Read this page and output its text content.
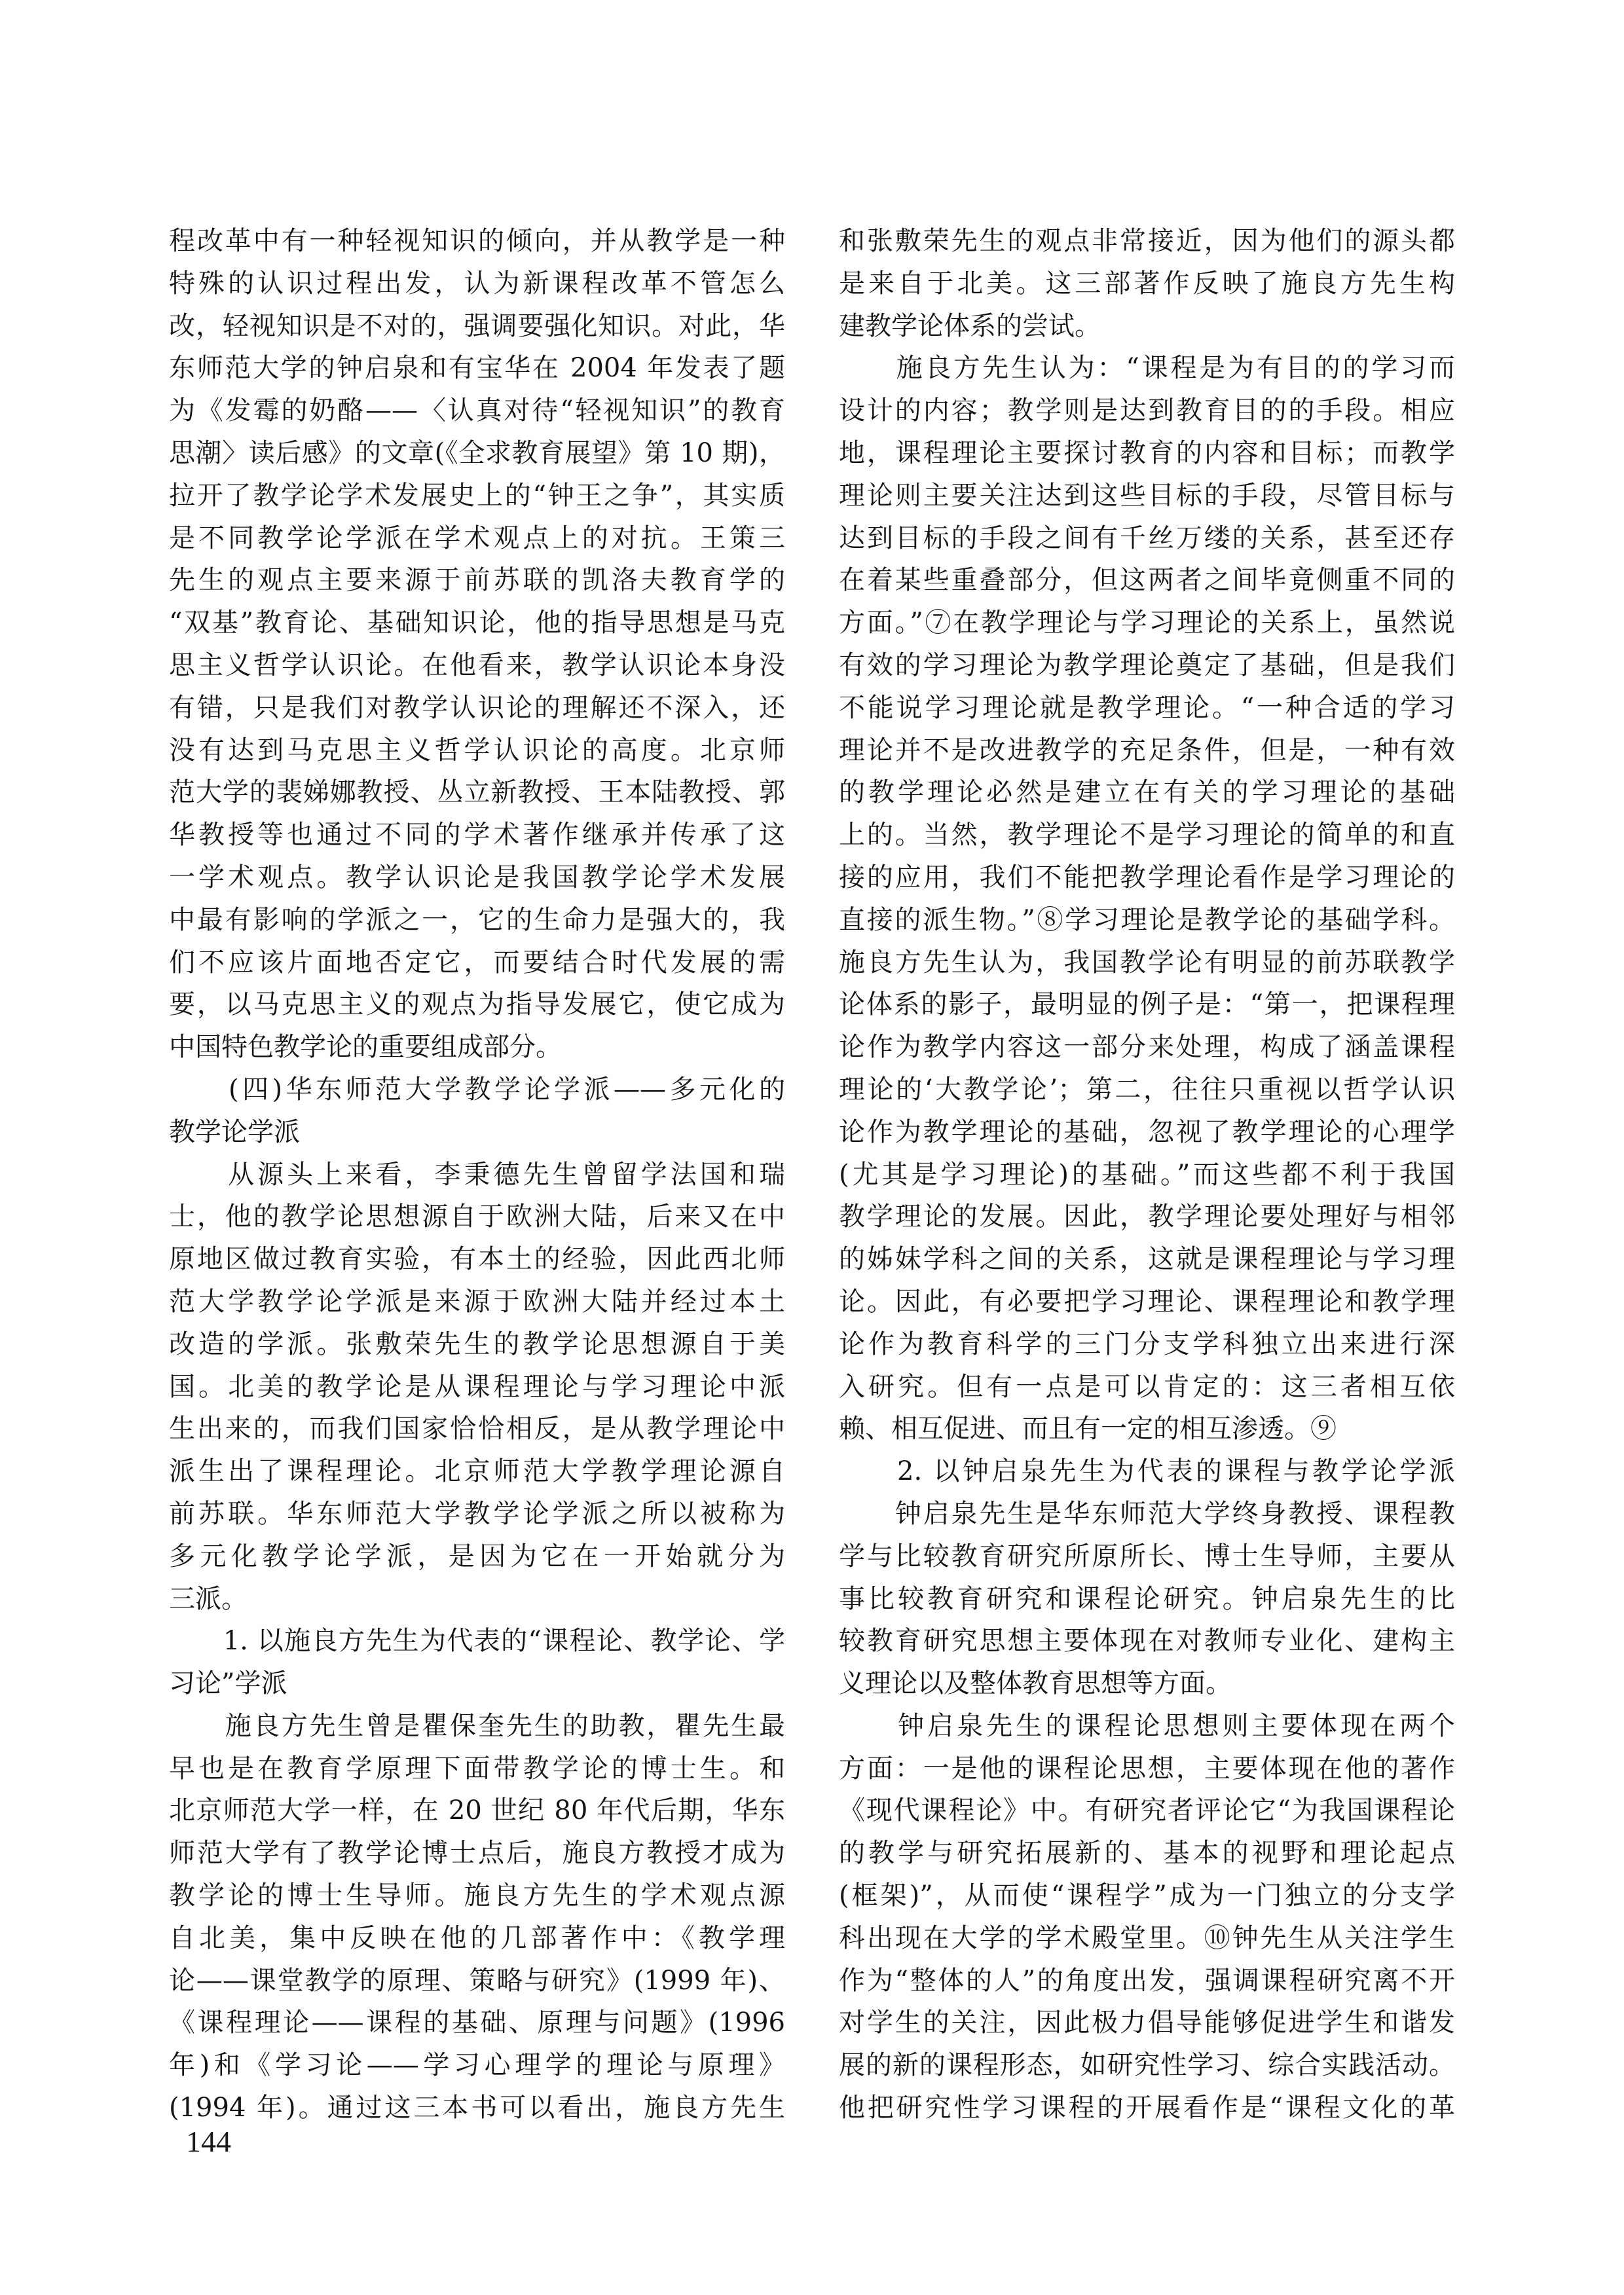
程改革中有一种轻视知识的倾向，并从教学是一种
特殊的认识过程出发，认为新课程改革不管怎么
改，轻视知识是不对的，强调要强化知识。对此，华
东师范大学的钟启泉和有宝华在 2004 年发表了题
为《发霉的奶酪——〈认真对待“轻视知识”的教育
思潮〉读后感》的文章(《全求教育展望》第 10 期)，
拉开了教学论学术发展史上的“钟王之争”，其实质
是不同教学论学派在学术观点上的对抗。王策三
先生的观点主要来源于前苏联的凯洛夫教育学的
“双基”教育论、基础知识论，他的指导思想是马克
思主义哲学认识论。在他看来，教学认识论本身没
有错，只是我们对教学认识论的理解还不深入，还
没有达到马克思主义哲学认识论的高度。北京师
范大学的裴娣娜教授、丛立新教授、王本陆教授、郭
华教授等也通过不同的学术著作继承并传承了这
一学术观点。教学认识论是我国教学论学术发展
中最有影响的学派之一，它的生命力是强大的，我
们不应该片面地否定它，而要结合时代发展的需
要，以马克思主义的观点为指导发展它，使它成为
中国特色教学论的重要组成部分。
　　(四)华东师范大学教学论学派——多元化的
教学论学派
　　从源头上来看，李秉德先生曾留学法国和瑞
士，他的教学论思想源自于欧洲大陆，后来又在中
原地区做过教育实验，有本土的经验，因此西北师
范大学教学论学派是来源于欧洲大陆并经过本土
改造的学派。张敷荣先生的教学论思想源自于美
国。北美的教学论是从课程理论与学习理论中派
生出来的，而我们国家恰恰相反，是从教学理论中
派生出了课程理论。北京师范大学教学理论源自
前苏联。华东师范大学教学论学派之所以被称为
多元化教学论学派，是因为它在一开始就分为
三派。
　　1. 以施良方先生为代表的“课程论、教学论、学
习论”学派
　　施良方先生曾是瞿保奎先生的助教，瞿先生最
早也是在教育学原理下面带教学论的博士生。和
北京师范大学一样，在 20 世纪 80 年代后期，华东
师范大学有了教学论博士点后，施良方教授才成为
教学论的博士生导师。施良方先生的学术观点源
自北美，集中反映在他的几部著作中：《教学理
论——课堂教学的原理、策略与研究》(1999 年)、
《课程理论——课程的基础、原理与问题》(1996
年)和《学习论——学习心理学的理论与原理》
(1994 年)。通过这三本书可以看出，施良方先生
和张敷荣先生的观点非常接近，因为他们的源头都
是来自于北美。这三部著作反映了施良方先生构
建教学论体系的尝试。
　　施良方先生认为：“课程是为有目的的学习而
设计的内容；教学则是达到教育目的的手段。相应
地，课程理论主要探讨教育的内容和目标；而教学
理论则主要关注达到这些目标的手段，尽管目标与
达到目标的手段之间有千丝万缕的关系，甚至还存
在着某些重叠部分，但这两者之间毕竟侧重不同的
方面。”⑦在教学理论与学习理论的关系上，虽然说
有效的学习理论为教学理论奠定了基础，但是我们
不能说学习理论就是教学理论。“一种合适的学习
理论并不是改进教学的充足条件，但是，一种有效
的教学理论必然是建立在有关的学习理论的基础
上的。当然，教学理论不是学习理论的简单的和直
接的应用，我们不能把教学理论看作是学习理论的
直接的派生物。”⑧学习理论是教学论的基础学科。
施良方先生认为，我国教学论有明显的前苏联教学
论体系的影子，最明显的例子是：“第一，把课程理
论作为教学内容这一部分来处理，构成了涵盖课程
理论的‘大教学论’；第二，往往只重视以哲学认识
论作为教学理论的基础，忽视了教学理论的心理学
(尤其是学习理论)的基础。”而这些都不利于我国
教学理论的发展。因此，教学理论要处理好与相邻
的姊妹学科之间的关系，这就是课程理论与学习理
论。因此，有必要把学习理论、课程理论和教学理
论作为教育科学的三门分支学科独立出来进行深
入研究。但有一点是可以肯定的：这三者相互依
赖、相互促进、而且有一定的相互渗透。⑨
　　2. 以钟启泉先生为代表的课程与教学论学派
　　钟启泉先生是华东师范大学终身教授、课程教
学与比较教育研究所原所长、博士生导师，主要从
事比较教育研究和课程论研究。钟启泉先生的比
较教育研究思想主要体现在对教师专业化、建构主
义理论以及整体教育思想等方面。
　　钟启泉先生的课程论思想则主要体现在两个
方面：一是他的课程论思想，主要体现在他的著作
《现代课程论》中。有研究者评论它“为我国课程论
的教学与研究拓展新的、基本的视野和理论起点
(框架)”，从而使“课程学”成为一门独立的分支学
科出现在大学的学术殿堂里。⑩钟先生从关注学生
作为“整体的人”的角度出发，强调课程研究离不开
对学生的关注，因此极力倡导能够促进学生和谐发
展的新的课程形态，如研究性学习、综合实践活动。
他把研究性学习课程的开展看作是“课程文化的革
144
